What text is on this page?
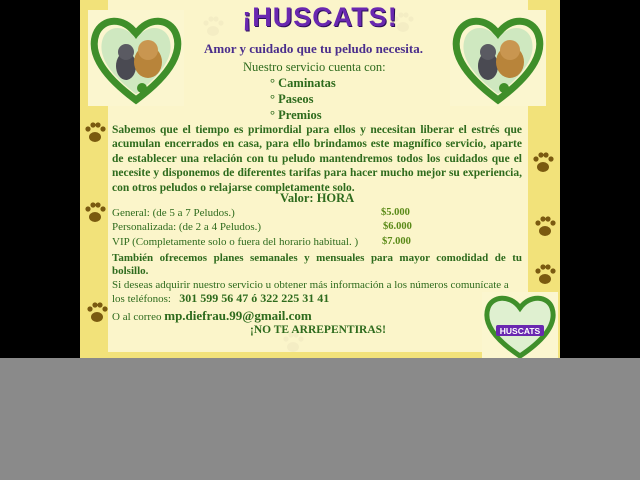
¡HUSCATS!
Amor y cuidado que tu peludo necesita.
Nuestro servicio cuenta con:
° Caminatas
° Paseos
° Premios
Sabemos que el tiempo es primordial para ellos y necesitan liberar el estrés que acumulan encerrados en casa, para ello brindamos este magnífico servicio, aparte de establecer una relación con tu peludo mantendremos todos los cuidados que el necesite y disponemos de diferentes tarifas para hacer mucho mejor su experiencia, con otros peludos o relajarse completamente solo.
Valor: HORA
General: (de 5 a 7 Peludos.)	$5.000
Personalizada: (de 2 a 4 Peludos.)	$6.000
VIP (Completamente solo o fuera del horario habitual. ) $7.000
También ofrecemos planes semanales y mensuales para mayor comodidad de tu bolsillo.
Si deseas adquirir nuestro servicio u obtener más información a los números comunícate a los teléfonos: 301 599 56 47 ó 322 225 31 41
O al correo mp.diefrau.99@gmail.com
¡NO TE ARREPENTIRAS!	HUSCATS
